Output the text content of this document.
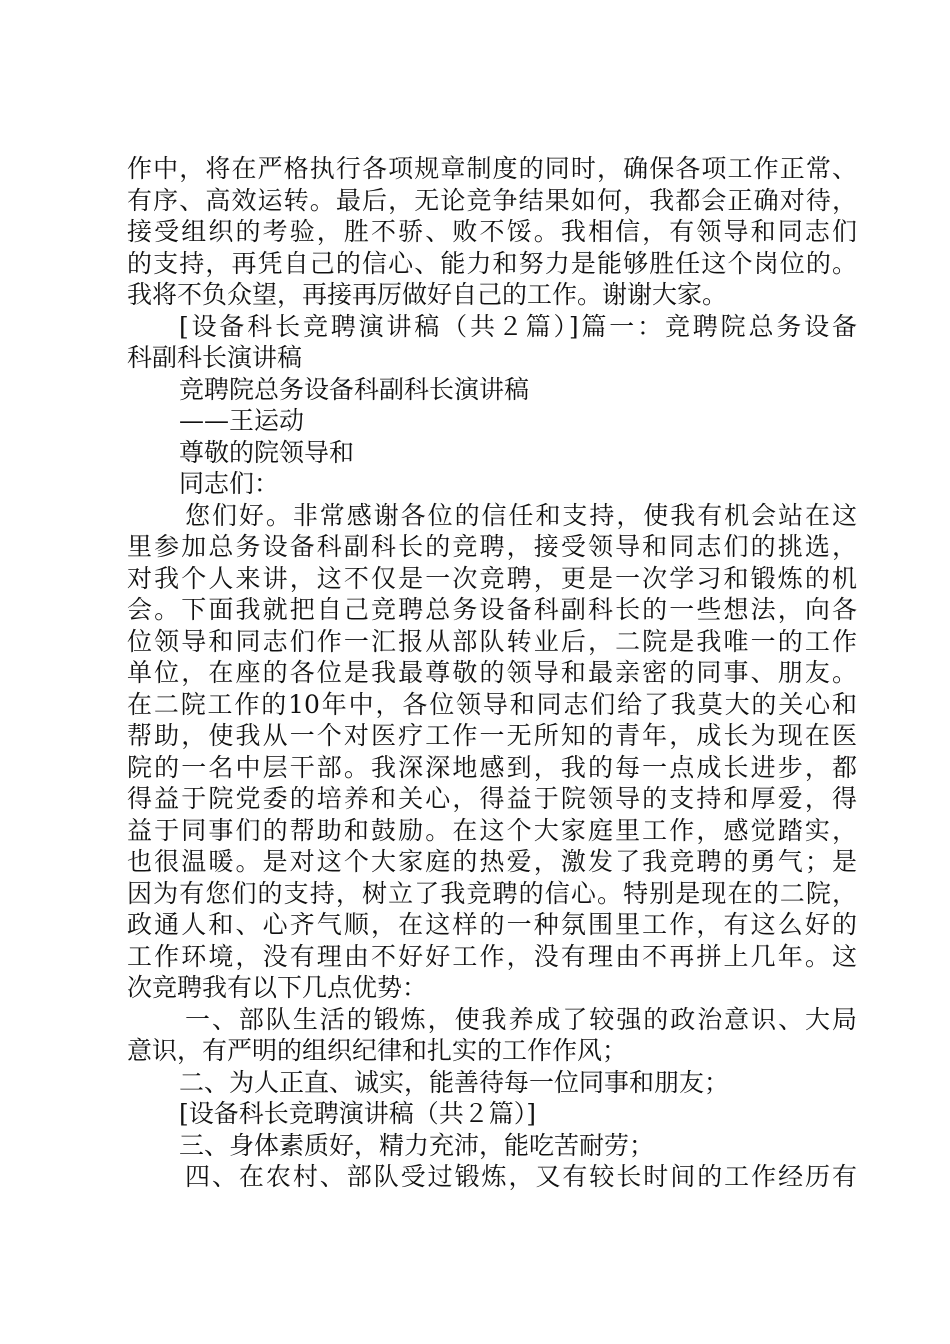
作中，将在严格执行各项规章制度的同时，确保各项工作正常、
有序、高效运转。最后，无论竞争结果如何，我都会正确对待，
接受组织的考验，胜不骄、败不馁。我相信，有领导和同志们
的支持，再凭自己的信心、能力和努力是能够胜任这个岗位的。
我将不负众望，再接再厉做好自己的工作。谢谢大家。
[设备科长竞聘演讲稿（共２篇）]篇一：竞聘院总务设备
科副科长演讲稿
竞聘院总务设备科副科长演讲稿
——王运动
尊敬的院领导和
同志们：
您们好。非常感谢各位的信任和支持，使我有机会站在这
里参加总务设备科副科长的竞聘，接受领导和同志们的挑选，
对我个人来讲，这不仅是一次竞聘，更是一次学习和锻炼的机
会。下面我就把自己竞聘总务设备科副科长的一些想法，向各
位领导和同志们作一汇报从部队转业后，二院是我唯一的工作
单位，在座的各位是我最尊敬的领导和最亲密的同事、朋友。
在二院工作的10年中，各位领导和同志们给了我莫大的关心和
帮助，使我从一个对医疗工作一无所知的青年，成长为现在医
院的一名中层干部。我深深地感到，我的每一点成长进步，都
得益于院党委的培养和关心，得益于院领导的支持和厚爱，得
益于同事们的帮助和鼓励。在这个大家庭里工作，感觉踏实，
也很温暖。是对这个大家庭的热爱，激发了我竞聘的勇气；是
因为有您们的支持，树立了我竞聘的信心。特别是现在的二院，
政通人和、心齐气顺，在这样的一种氛围里工作，有这么好的
工作环境，没有理由不好好工作，没有理由不再拼上几年。这
次竞聘我有以下几点优势：
一、部队生活的锻炼，使我养成了较强的政治意识、大局
意识，有严明的组织纪律和扎实的工作作风；
二、为人正直、诚实，能善待每一位同事和朋友；
[设备科长竞聘演讲稿（共２篇）]
三、身体素质好，精力充沛，能吃苦耐劳；
四、在农村、部队受过锻炼，又有较长时间的工作经历有
